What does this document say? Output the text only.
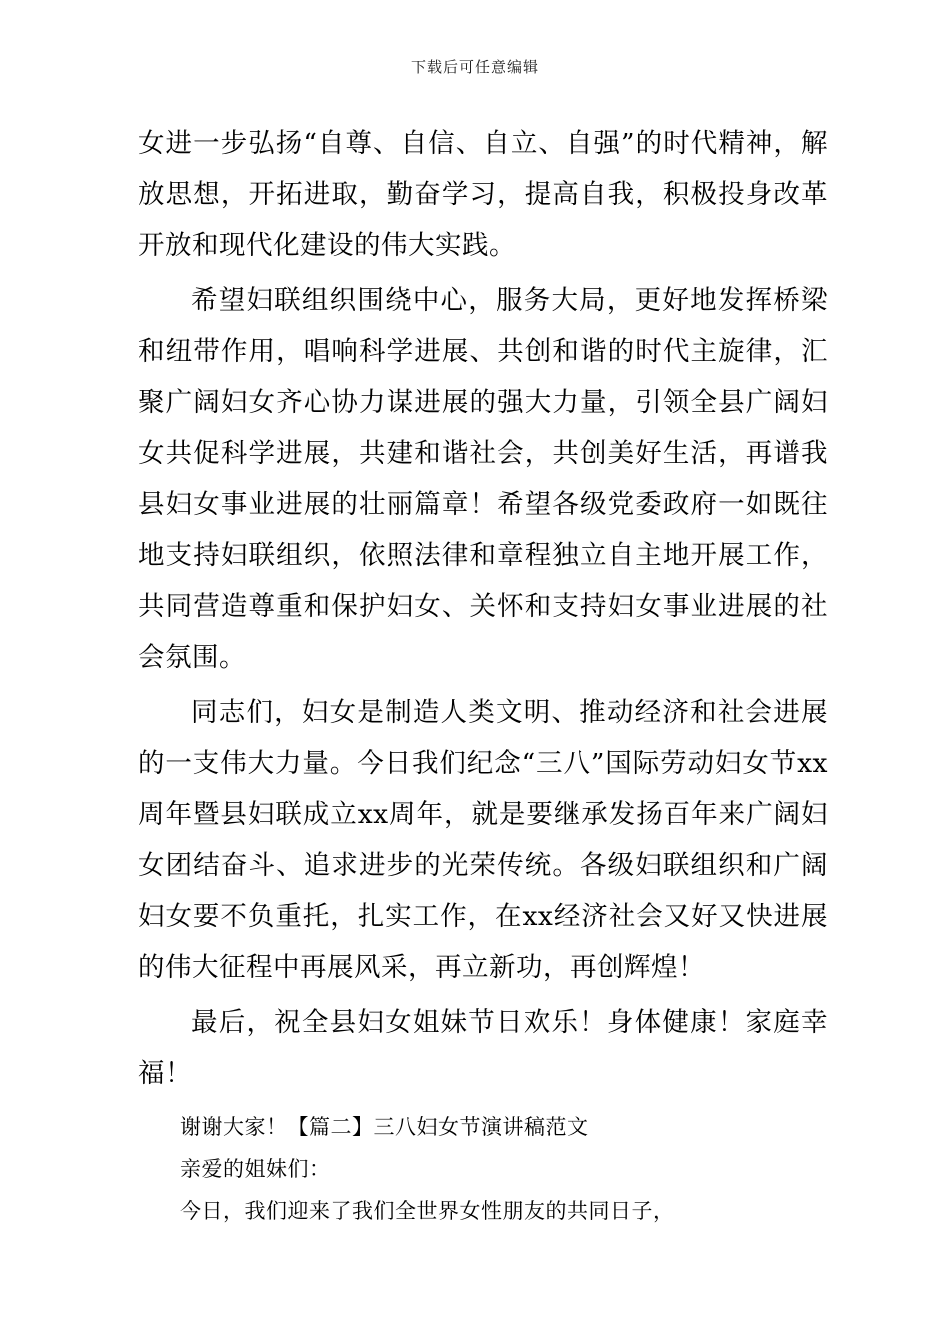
下载后可任意编辑

女进一步弘扬“自尊、自信、自立、自强”的时代精神，解放思想，开拓进取，勤奋学习，提高自我，积极投身改革开放和现代化建设的伟大实践。

希望妇联组织围绕中心，服务大局，更好地发挥桥梁和纽带作用，唱响科学进展、共创和谐的时代主旋律，汇聚广阔妇女齐心协力谋进展的强大力量，引领全县广阔妇女共促科学进展，共建和谐社会，共创美好生活，再谱我县妇女事业进展的壮丽篇章！希望各级党委政府一如既往地支持妇联组织，依照法律和章程独立自主地开展工作，共同营造尊重和保护妇女、关怀和支持妇女事业进展的社会氛围。

同志们，妇女是制造人类文明、推动经济和社会进展的一支伟大力量。今日我们纪念“三八”国际劳动妇女节xx周年暨县妇联成立xx周年，就是要继承发扬百年来广阔妇女团结奋斗、追求进步的光荣传统。各级妇联组织和广阔妇女要不负重托，扎实工作，在xx经济社会又好又快进展的伟大征程中再展风采，再立新功，再创辉煌！

最后，祝全县妇女姐妹节日欢乐！身体健康！家庭幸福！

谢谢大家！【篇二】三八妇女节演讲稿范文

亲爱的姐妹们：

今日，我们迎来了我们全世界女性朋友的共同日子，
